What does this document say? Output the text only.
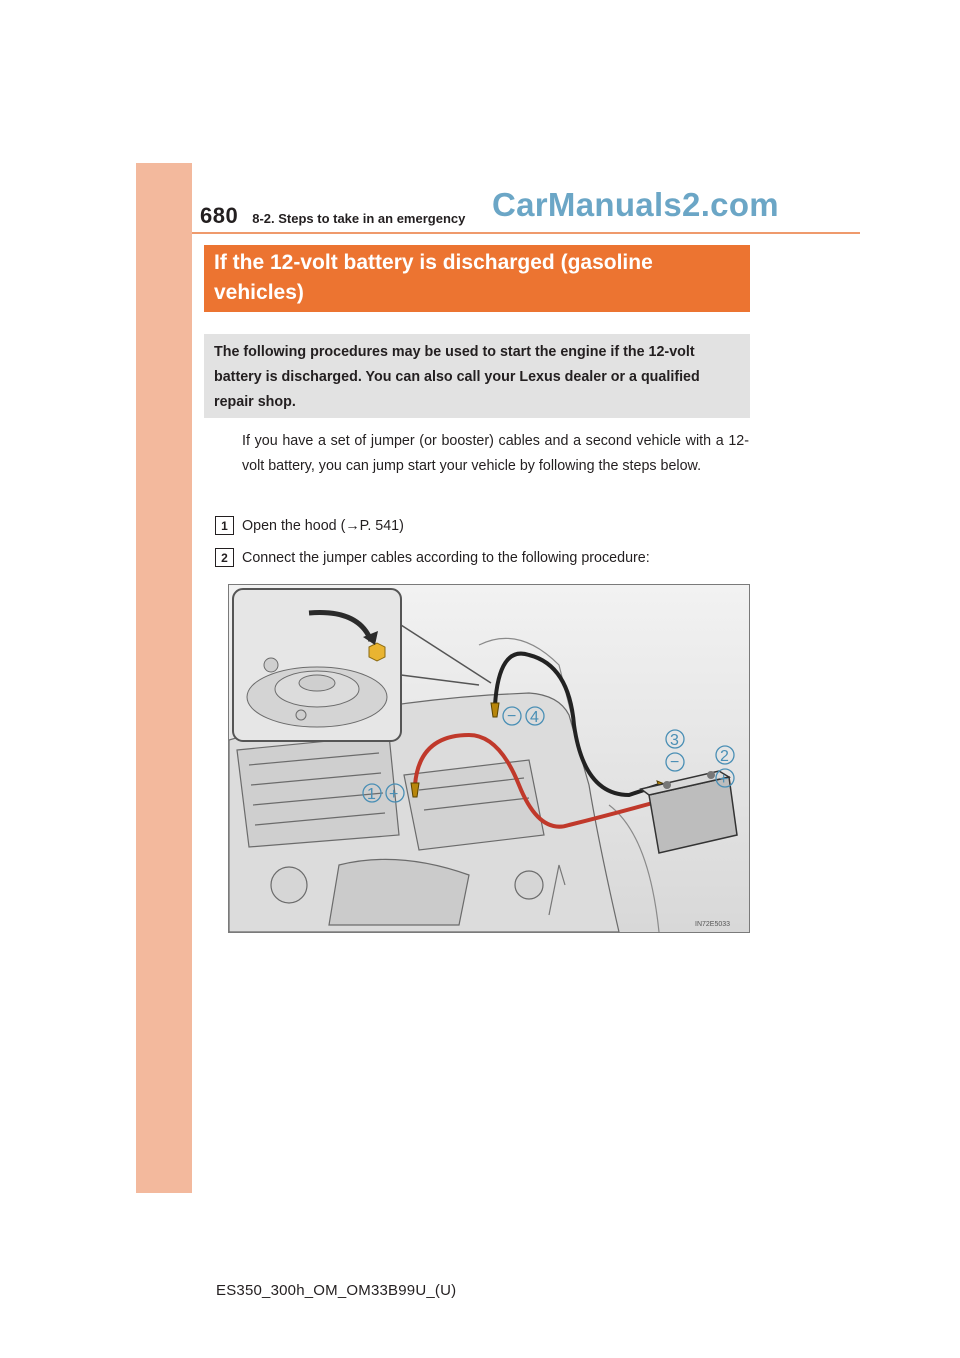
680 8-2. Steps to take in an emergency CarManuals2.com
If the 12-volt battery is discharged (gasoline vehicles)

The following procedures may be used to start the engine if the 12-volt battery is discharged. You can also call your Lexus dealer or a qualified repair shop.

If you have a set of jumper (or booster) cables and a second vehicle with a 12-volt battery, you can jump start your vehicle by following the steps below.

1 Open the hood (→P. 541)
2 Connect the jumper cables according to the following procedure:
1 +
− 4
3
−	2
+
IN72E5033
ES350_300h_OM_OM33B99U_(U)
